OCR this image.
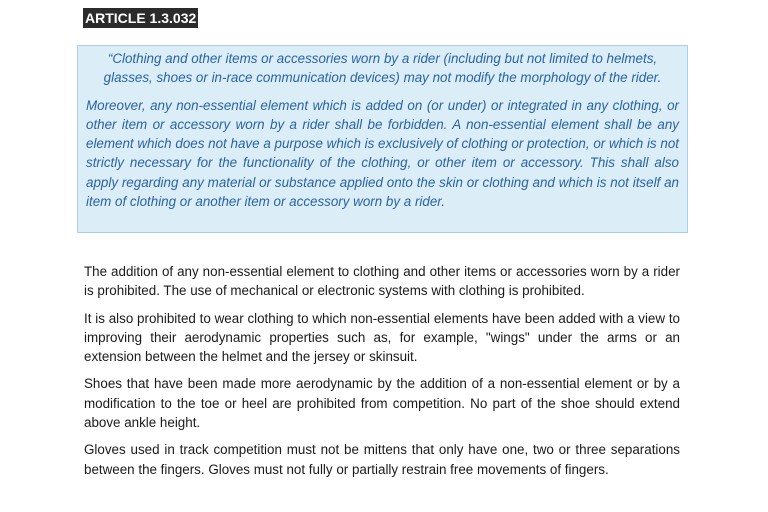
ARTICLE 1.3.032

“Clothing and other items or accessories worn by a rider (including but not limited to helmets, glasses, shoes or in-race communication devices) may not modify the morphology of the rider.

Moreover, any non-essential element which is added on (or under) or integrated in any clothing, or other item or accessory worn by a rider shall be forbidden. A non-essential element shall be any element which does not have a purpose which is exclusively of clothing or protection, or which is not strictly necessary for the functionality of the clothing, or other item or accessory. This shall also apply regarding any material or substance applied onto the skin or clothing and which is not itself an item of clothing or another item or accessory worn by a rider.

The addition of any non-essential element to clothing and other items or accessories worn by a rider is prohibited. The use of mechanical or electronic systems with clothing is prohibited.

It is also prohibited to wear clothing to which non-essential elements have been added with a view to improving their aerodynamic properties such as, for example, "wings" under the arms or an extension between the helmet and the jersey or skinsuit.

Shoes that have been made more aerodynamic by the addition of a non-essential element or by a modification to the toe or heel are prohibited from competition. No part of the shoe should extend above ankle height.

Gloves used in track competition must not be mittens that only have one, two or three separations between the fingers. Gloves must not fully or partially restrain free movements of fingers.
